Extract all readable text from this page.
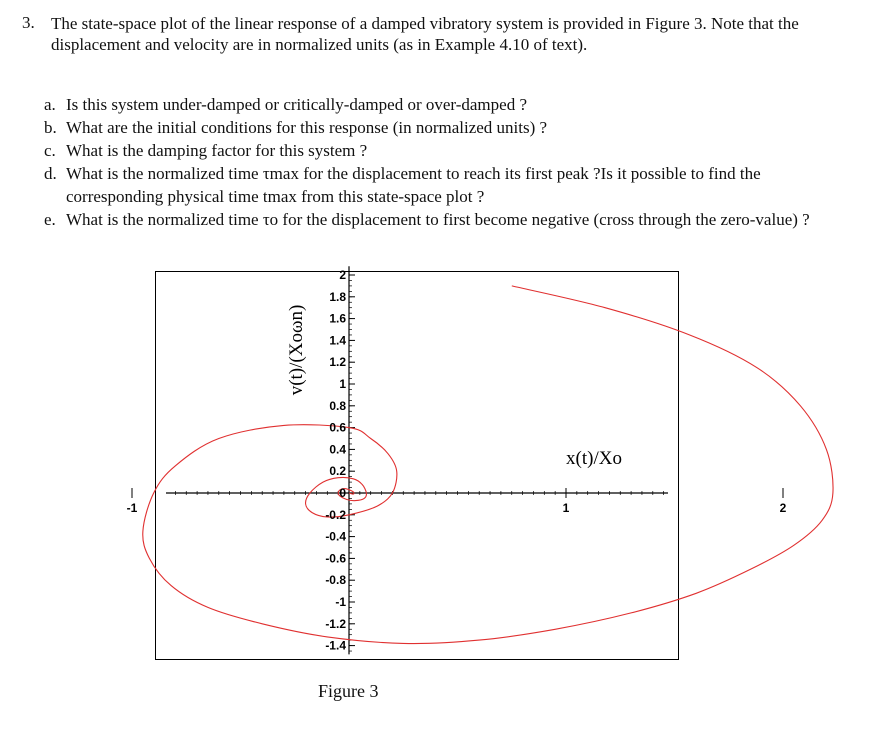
3. The state-space plot of the linear response of a damped vibratory system is provided in Figure 3. Note that the displacement and velocity are in normalized units (as in Example 4.10 of text).
a. Is this system under-damped or critically-damped or over-damped ?
b. What are the initial conditions for this response (in normalized units) ?
c. What is the damping factor for this system ?
d. What is the normalized time τmax for the displacement to reach its first peak ?Is it possible to find the corresponding physical time tmax from this state-space plot ?
e. What is the normalized time τo for the displacement to first become negative (cross through the zero-value) ?
-1	1	2
2
1.8
1.6
1.4
1.2
1
0.8
0.6
0.4
0.2
0
-0.2
-0.4
-0.6
-0.8
-1
-1.2
-1.4
x(t)/Xo
v(t)/(Xoωn)
Figure 3
